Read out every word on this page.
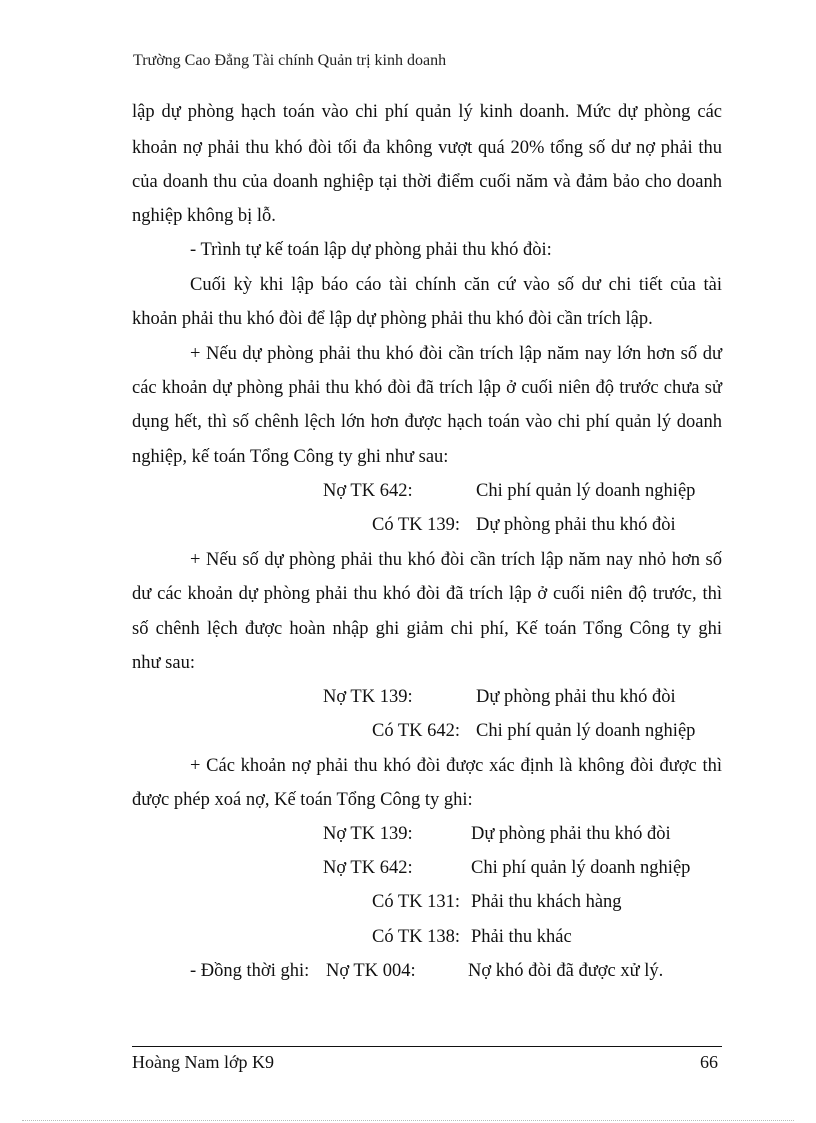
Trường Cao Đẳng Tài chính Quản trị kinh doanh
lập dự phòng hạch toán vào chi phí quản lý kinh doanh. Mức dự phòng các
khoản nợ phải thu khó đòi tối đa không vượt quá 20% tổng số dư nợ phải thu
của doanh thu của doanh nghiệp tại thời điểm cuối năm và đảm bảo cho doanh
nghiệp không bị lỗ.
- Trình tự kế toán lập dự phòng phải thu khó đòi:
Cuối kỳ khi lập báo cáo tài chính căn cứ vào số dư chi tiết của tài
khoản phải thu khó đòi để lập dự phòng phải thu khó đòi cần trích lập.
+ Nếu dự phòng phải thu khó đòi cần trích lập năm nay lớn hơn số dư
các khoản dự phòng phải thu khó đòi đã trích lập ở cuối niên độ trước chưa sử
dụng hết, thì số chênh lệch lớn hơn được hạch toán vào chi phí quản lý doanh
nghiệp, kế toán Tổng Công ty ghi như sau:
Nợ TK 642:	Chi phí quản lý doanh nghiệp
Có TK 139: Dự phòng phải thu khó đòi
+ Nếu số dự phòng phải thu khó đòi cần trích lập năm nay nhỏ hơn số
dư các khoản dự phòng phải thu khó đòi đã trích lập ở cuối niên độ trước, thì
số chênh lệch được hoàn nhập ghi giảm chi phí, Kế toán Tổng Công ty ghi
như sau:
Nợ TK 139:	Dự phòng phải thu khó đòi
Có TK 642: Chi phí quản lý doanh nghiệp
+ Các khoản nợ phải thu khó đòi được xác định là không đòi được thì
được phép xoá nợ, Kế toán Tổng Công ty ghi:
Nợ TK 139:	Dự phòng phải thu khó đòi
Nợ TK 642:	Chi phí quản lý doanh nghiệp
Có TK 131: Phải thu khách hàng
Có TK 138: Phải thu khác
- Đồng thời ghi: Nợ TK 004:	Nợ khó đòi đã được xử lý.
Hoàng Nam lớp K9	66
